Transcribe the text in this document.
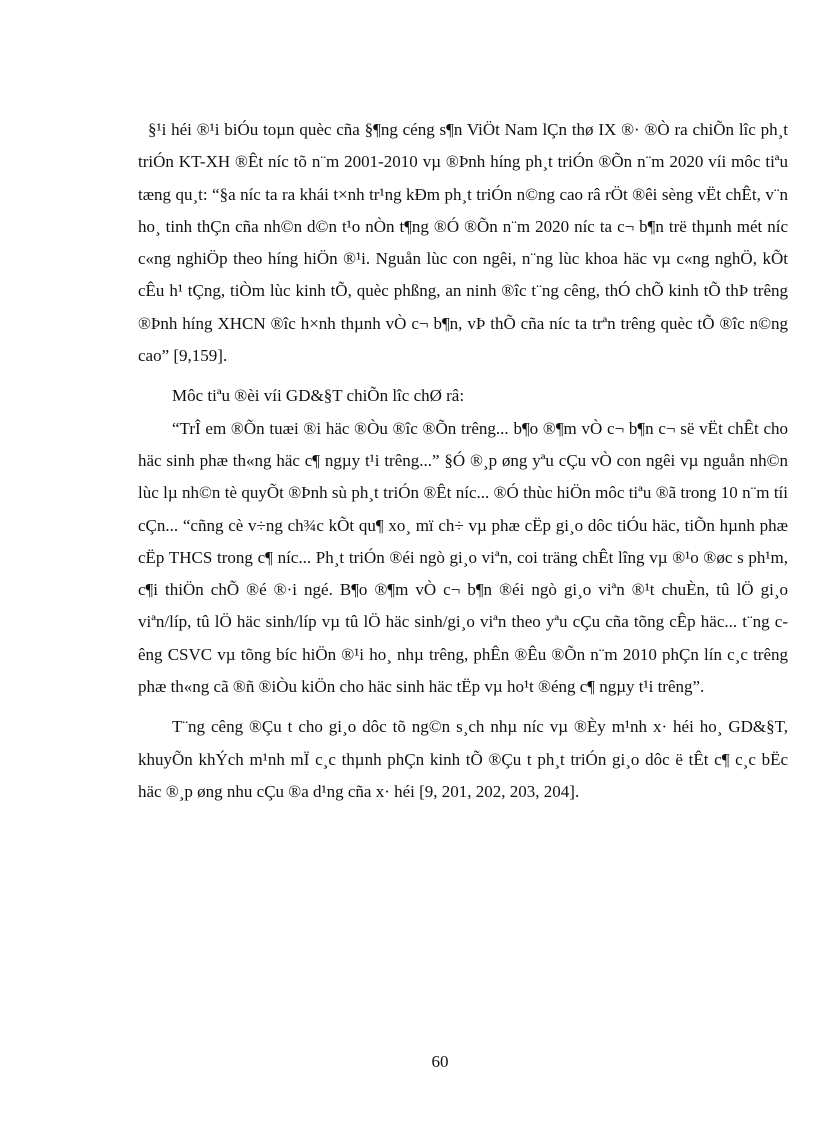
§¹i héi ®¹i biÓu toµn quèc cña §¶ng céng s¶n ViÖt Nam lÇn thø IX ®· ®Ò ra chiÕn lîc ph¸t triÓn KT-XH ®Êt níc tõ n¨m 2001-2010 vµ ®Þnh híng ph¸t triÓn ®Õn n¨m 2020 víi môc tiªu tæng qu¸t: “§a níc ta ra khái t×nh tr¹ng kÐm ph¸t triÓn n©ng cao râ rÖt ®êi sèng vËt chÊt, v¨n ho¸ tinh thÇn cña nh©n d©n t¹o nÒn t¶ng ®Ó ®Õn n¨m 2020 níc ta c¬ b¶n trë thµnh mét níc c«ng nghiÖp theo híng hiÖn ®¹i. Nguån lùc con ngêi, n¨ng lùc khoa häc vµ c«ng nghÖ, kÕt cÊu h¹ tÇng, tiÒm lùc kinh tÕ, quèc phßng, an ninh ®îc t¨ng cêng, thÓ chÕ kinh tÕ thÞ trêng ®Þnh híng XHCN ®îc h×nh thµnh vÒ c¬ b¶n, vÞ thÕ cña níc ta trªn trêng quèc tÕ ®îc n©ng cao” [9,159].

Môc tiªu ®èi víi GD&§T chiÕn lîc chØ râ:

“TrÎ em ®Õn tuæi ®i häc ®Òu ®îc ®Õn trêng... b¶o ®¶m vÒ c¬ b¶n c¬ së vËt chÊt cho häc sinh phæ th«ng häc c¶ ngµy t¹i trêng...” §Ó ®¸p øng yªu cÇu vÒ con ngêi vµ nguån nh©n lùc lµ nh©n tè quyÕt ®Þnh sù ph¸t triÓn ®Êt níc... ®Ó thùc hiÖn môc tiªu ®ã trong 10 n¨m tíi cÇn... “cñng cè v÷ng ch¾c kÕt qu¶ xo¸ mï ch÷ vµ phæ cËp gi¸o dôc tiÓu häc, tiÕn hµnh phæ cËp THCS trong c¶ níc... Ph¸t triÓn ®éi ngò gi¸o viªn, coi träng chÊt lîng vµ ®¹o ®øc s ph¹m, c¶i thiÖn chÕ ®é ®·i ngé. B¶o ®¶m vÒ c¬ b¶n ®éi ngò gi¸o viªn ®¹t chuÈn, tû lÖ gi¸o viªn/líp, tû lÖ häc sinh/líp vµ tû lÖ häc sinh/gi¸o viªn theo yªu cÇu cña tõng cÊp häc... t¨ng cêng CSVC vµ tõng bíc hiÖn ®¹i ho¸ nhµ trêng, phÊn ®Êu ®Õn n¨m 2010 phÇn lín c¸c trêng phæ th«ng cã ®ñ ®iÒu kiÖn cho häc sinh häc tËp vµ ho¹t ®éng c¶ ngµy t¹i trêng”.

T¨ng cêng ®Çu t cho gi¸o dôc tõ ng©n s¸ch nhµ níc vµ ®Èy m¹nh x· héi ho¸ GD&§T, khuyÕn khÝch m¹nh mÏ c¸c thµnh phÇn kinh tÕ ®Çu t ph¸t triÓn gi¸o dôc ë tÊt c¶ c¸c bËc häc ®¸p øng nhu cÇu ®a d¹ng cña x· héi [9, 201, 202, 203, 204].

60
